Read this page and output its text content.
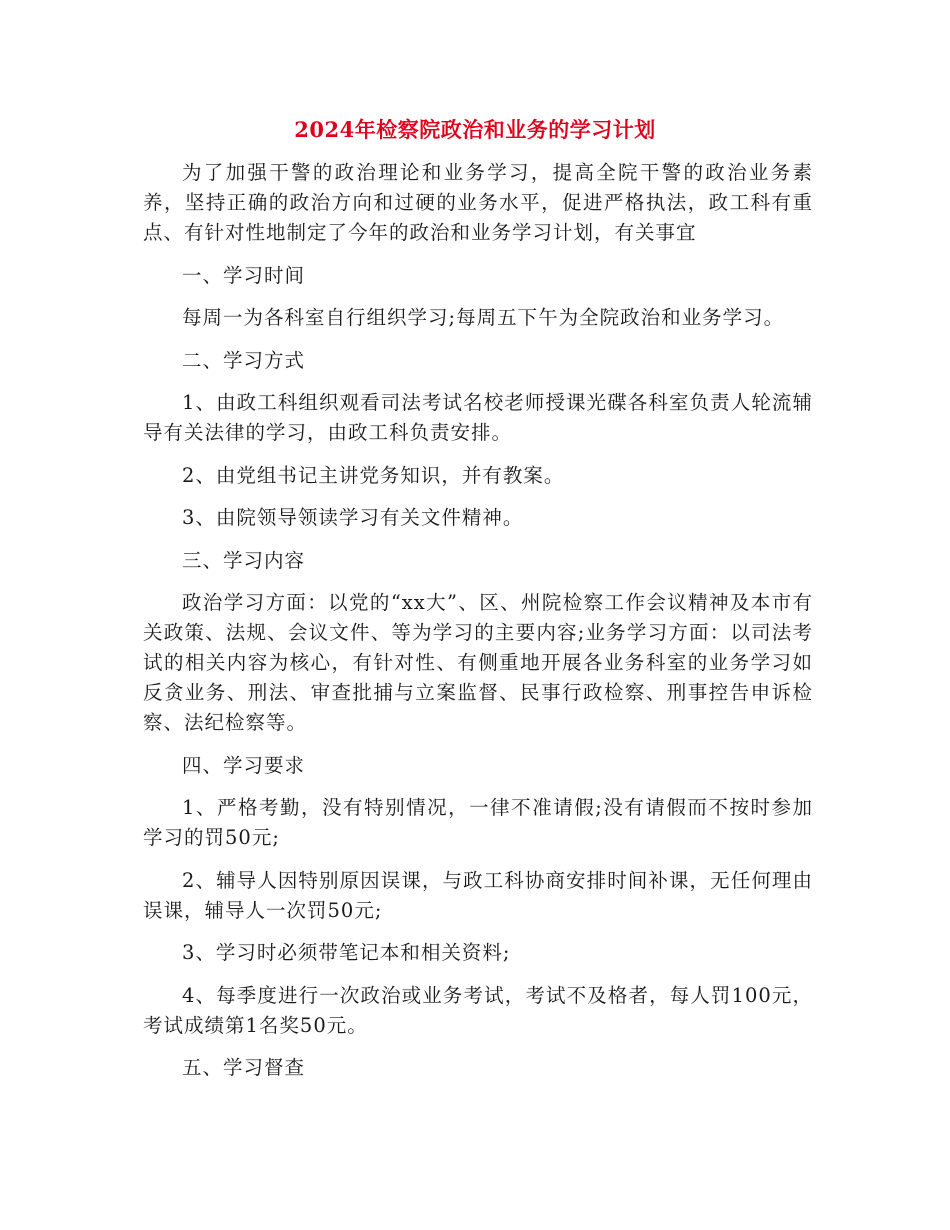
2024年检察院政治和业务的学习计划

为了加强干警的政治理论和业务学习，提高全院干警的政治业务素养，坚持正确的政治方向和过硬的业务水平，促进严格执法，政工科有重点、有针对性地制定了今年的政治和业务学习计划，有关事宜

一、学习时间

每周一为各科室自行组织学习;每周五下午为全院政治和业务学习。

二、学习方式

1、由政工科组织观看司法考试名校老师授课光碟各科室负责人轮流辅导有关法律的学习，由政工科负责安排。

2、由党组书记主讲党务知识，并有教案。

3、由院领导领读学习有关文件精神。

三、学习内容

政治学习方面：以党的“xx大”、区、州院检察工作会议精神及本市有关政策、法规、会议文件、等为学习的主要内容;业务学习方面：以司法考试的相关内容为核心，有针对性、有侧重地开展各业务科室的业务学习如反贪业务、刑法、审查批捕与立案监督、民事行政检察、刑事控告申诉检察、法纪检察等。

四、学习要求

1、严格考勤，没有特别情况，一律不准请假;没有请假而不按时参加学习的罚50元;

2、辅导人因特别原因误课，与政工科协商安排时间补课，无任何理由误课，辅导人一次罚50元;

3、学习时必须带笔记本和相关资料;

4、每季度进行一次政治或业务考试，考试不及格者，每人罚100元，考试成绩第1名奖50元。

五、学习督查
